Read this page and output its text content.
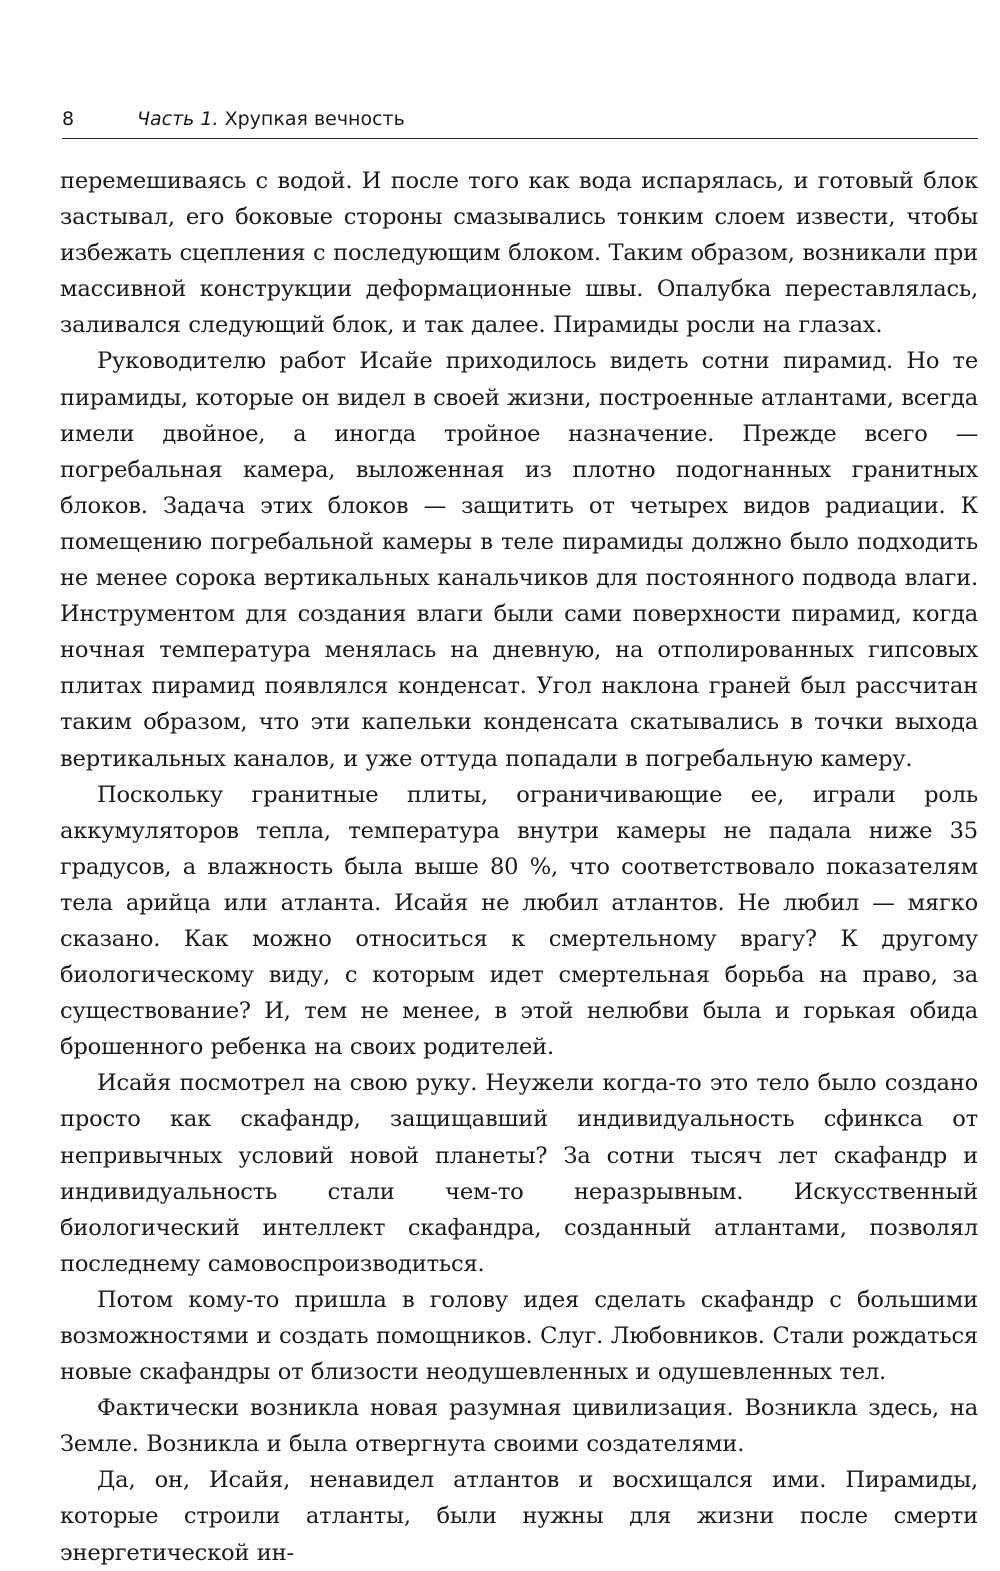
8	Часть 1. Хрупкая вечность

перемешиваясь с водой. И после того как вода испарялась, и готовый блок застывал, его боковые стороны смазывались тонким слоем извести, чтобы избежать сцепления с последующим блоком. Таким образом, возникали при массивной конструкции деформационные швы. Опалубка переставлялась, заливался следующий блок, и так далее. Пирамиды росли на глазах.

Руководителю работ Исайе приходилось видеть сотни пирамид. Но те пирамиды, которые он видел в своей жизни, построенные атлантами, всегда имели двойное, а иногда тройное назначение. Прежде всего — погребальная камера, выложенная из плотно подогнанных гранитных блоков. Задача этих блоков — защитить от четырех видов радиации. К помещению погребальной камеры в теле пирамиды должно было подходить не менее сорока вертикальных канальчиков для постоянного подвода влаги. Инструментом для создания влаги были сами поверхности пирамид, когда ночная температура менялась на дневную, на отполированных гипсовых плитах пирамид появлялся конденсат. Угол наклона граней был рассчитан таким образом, что эти капельки конденсата скатывались в точки выхода вертикальных каналов, и уже оттуда попадали в погребальную камеру.

Поскольку гранитные плиты, ограничивающие ее, играли роль аккумуляторов тепла, температура внутри камеры не падала ниже 35 градусов, а влажность была выше 80 %, что соответствовало показателям тела арийца или атланта. Исайя не любил атлантов. Не любил — мягко сказано. Как можно относиться к смертельному врагу? К другому биологическому виду, с которым идет смертельная борьба на право, за существование? И, тем не менее, в этой нелюбви была и горькая обида брошенного ребенка на своих родителей.

Исайя посмотрел на свою руку. Неужели когда-то это тело было создано просто как скафандр, защищавший индивидуальность сфинкса от непривычных условий новой планеты? За сотни тысяч лет скафандр и индивидуальность стали чем-то неразрывным. Искусственный биологический интеллект скафандра, созданный атлантами, позволял последнему самовоспроизводиться.

Потом кому-то пришла в голову идея сделать скафандр с большими возможностями и создать помощников. Слуг. Любовников. Стали рождаться новые скафандры от близости неодушевленных и одушевленных тел.

Фактически возникла новая разумная цивилизация. Возникла здесь, на Земле. Возникла и была отвергнута своими создателями.

Да, он, Исайя, ненавидел атлантов и восхищался ими. Пирамиды, которые строили атланты, были нужны для жизни после смерти энергетической ин-
